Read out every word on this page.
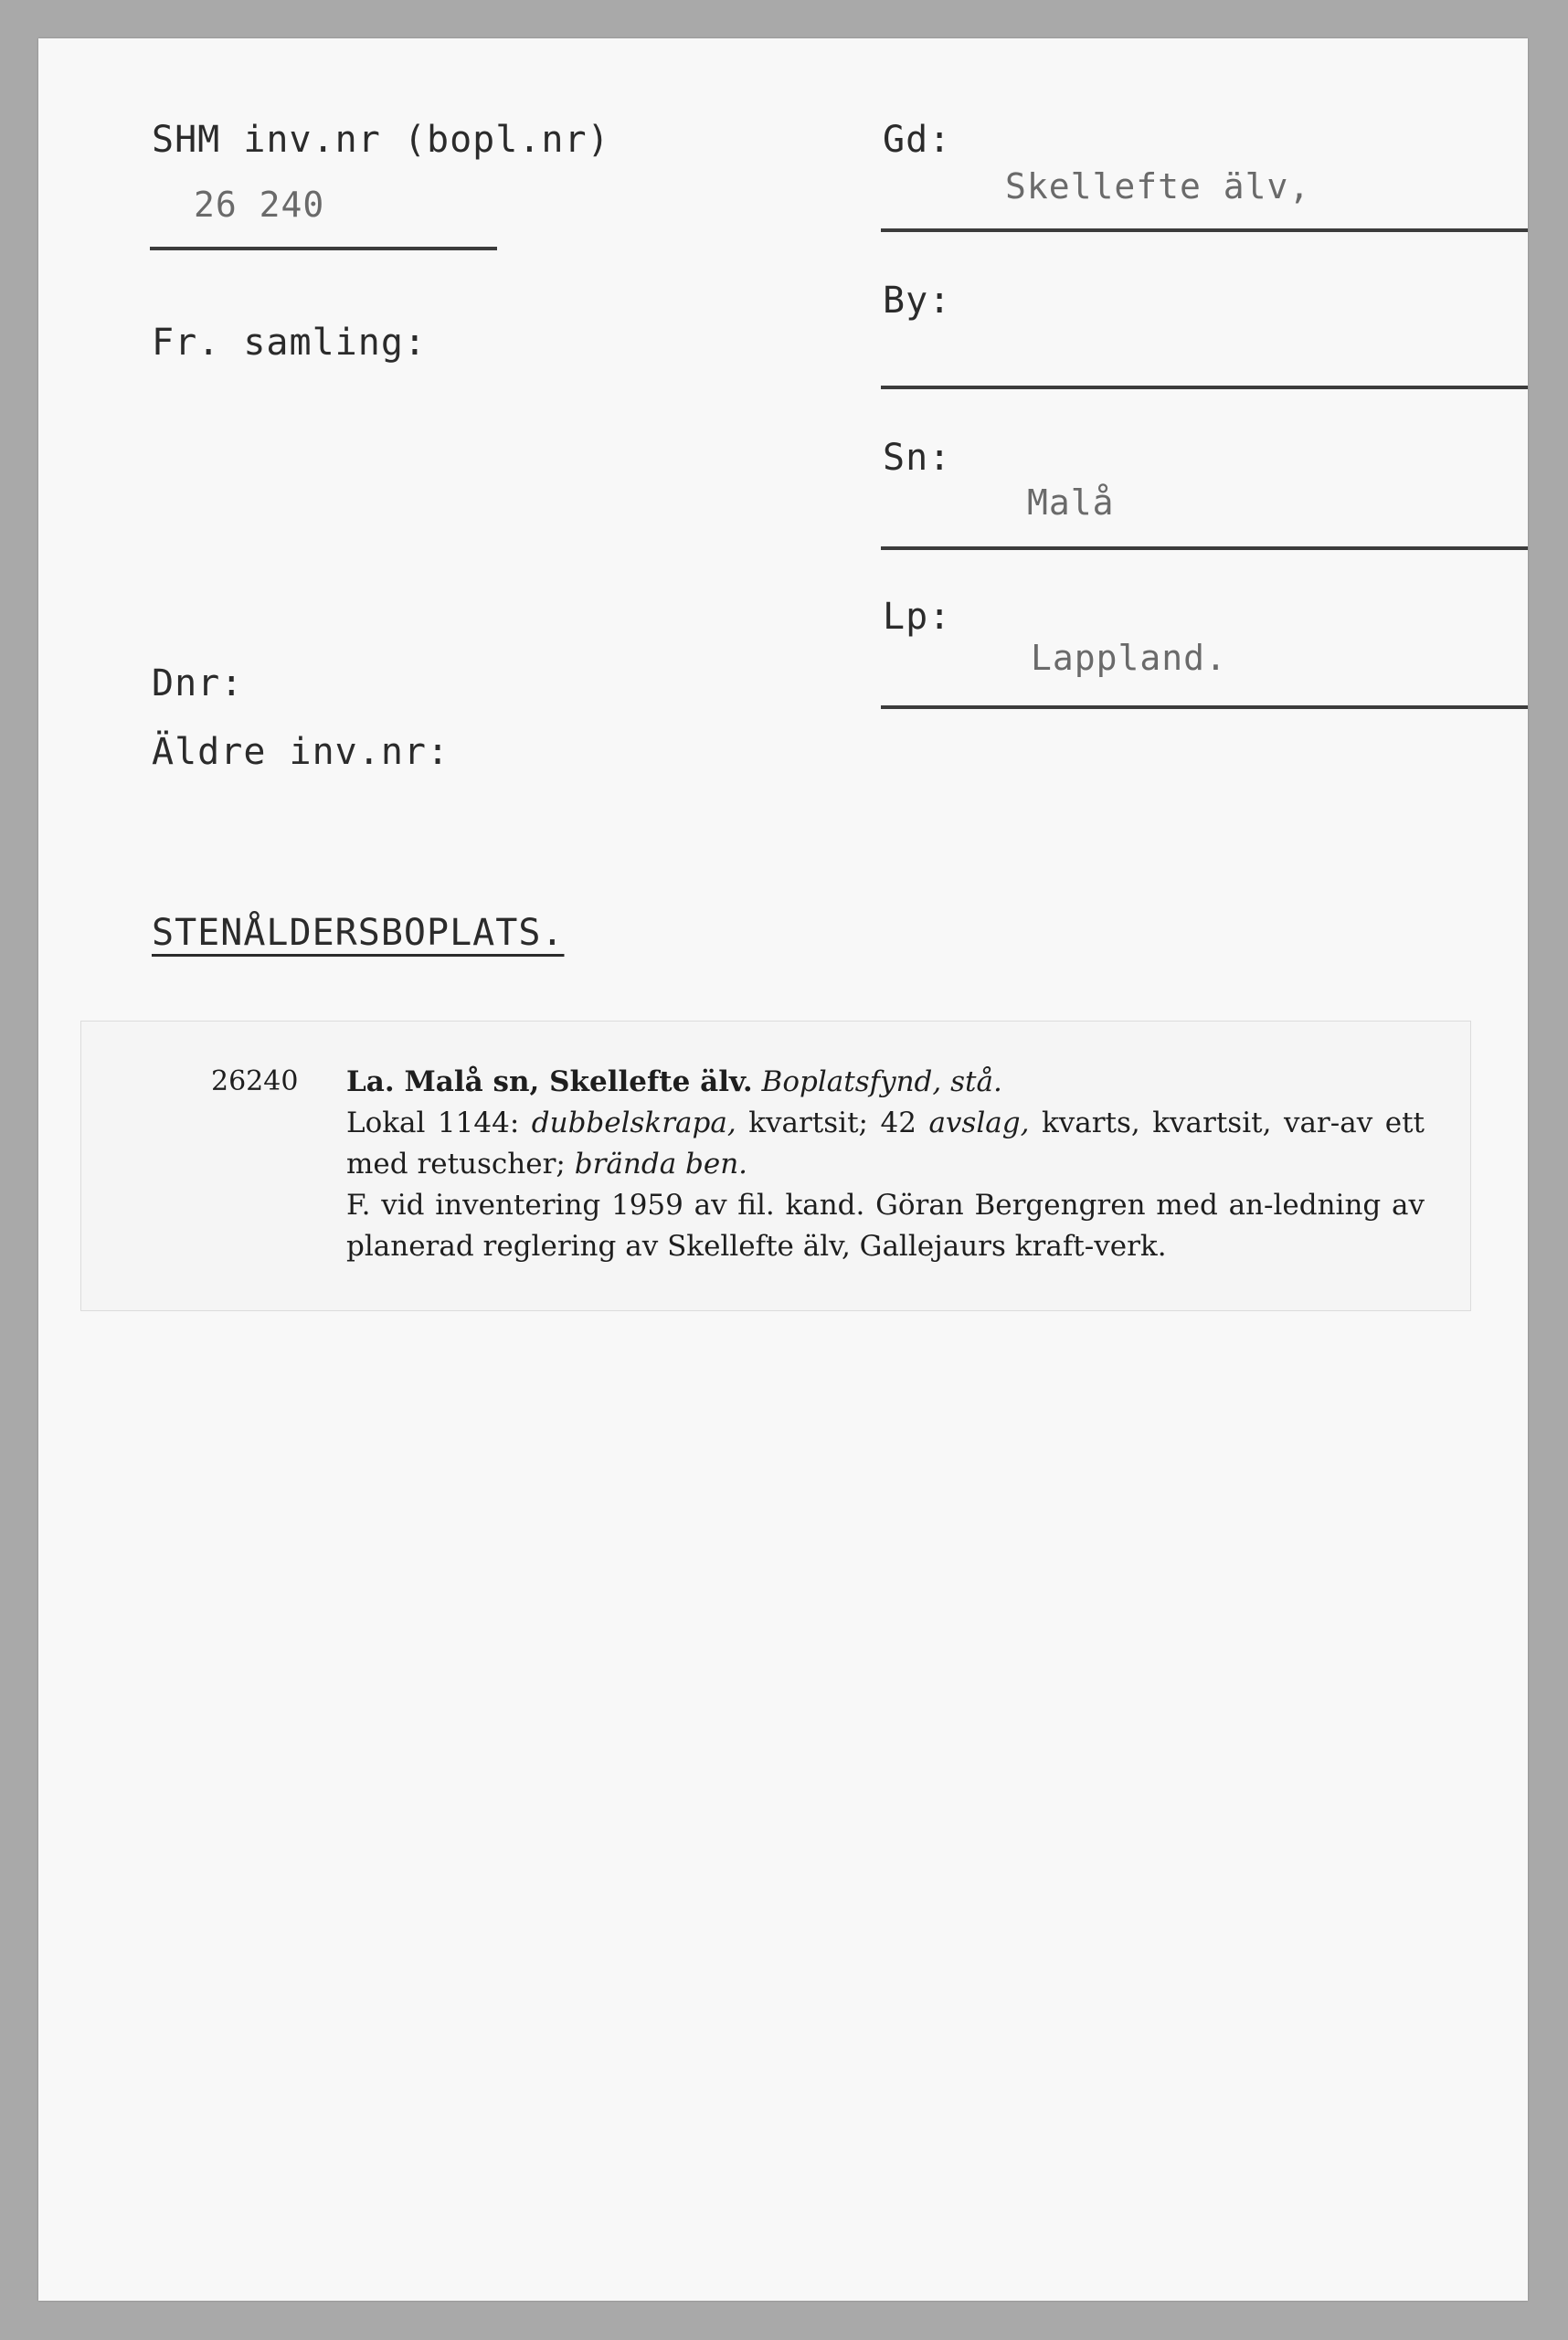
SHM inv.nr (bopl.nr)
26 240
Fr. samling:
Dnr:
Äldre inv.nr:
Gd:
Skellefte älv,
By:
Sn:
Malå
Lp:
Lappland.
STENÅLDERSBOPLATS.
26240 La. Malå sn, Skellefte älv. Boplatsfynd, stå.

Lokal 1144: dubbelskrapa, kvartsit; 42 avslag, kvarts, kvartsit, var-av ett med retuscher; brända ben.

F. vid inventering 1959 av fil. kand. Göran Bergengren med an-ledning av planerad reglering av Skellefte älv, Gallejaurs kraft-verk.
